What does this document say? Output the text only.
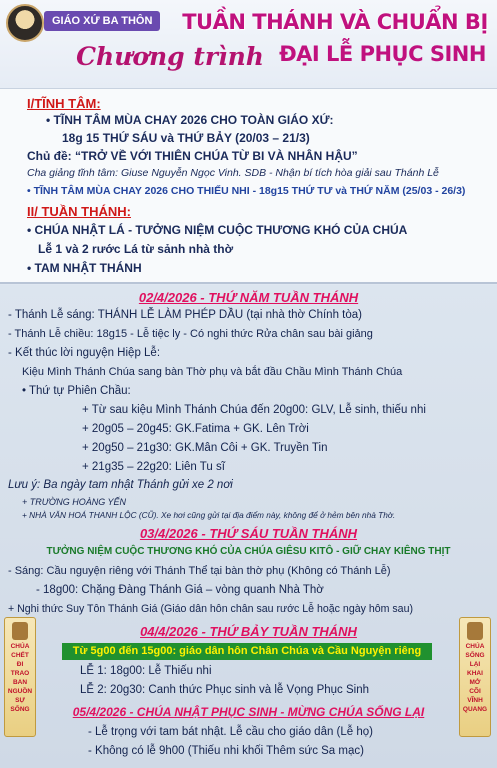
GIÁO XỨ BA THÔN	TUẦN THÁNH VÀ CHUẨN BỊ
Chương trình ĐẠI LỄ PHỤC SINH
I/TĨNH TÂM:
• TĨNH TÂM MÙA CHAY 2026 CHO TOÀN GIÁO XỨ:
18g 15 THỨ SÁU và THỨ BẢY (20/03 – 21/3)
Chủ đề: “TRỞ VỀ VỚI THIÊN CHÚA TỪ BI VÀ NHÂN HẬU”
Cha giảng tĩnh tâm: Giuse Nguyễn Ngọc Vinh. SDB - Nhận bí tích hòa giải sau Thánh Lễ
• TĨNH TÂM MÙA CHAY 2026 CHO THIẾU NHI - 18g15 THỨ TƯ và THỨ NĂM (25/03 - 26/3)
II/ TUẦN THÁNH:
• CHÚA NHẬT LÁ - TƯỞNG NIỆM CUỘC THƯƠNG KHÓ CỦA CHÚA
Lễ 1 và 2 rước Lá từ sảnh nhà thờ
• TAM NHẬT THÁNH
02/4/2026 - THỨ NĂM TUẦN THÁNH
- Thánh Lễ sáng: THÁNH LỄ LÀM PHÉP DẦU (tại nhà thờ Chính tòa)
- Thánh Lễ chiều: 18g15 - Lễ tiệc ly - Có nghi thức Rửa chân sau bài giảng
- Kết thúc lời nguyện Hiệp Lễ:
Kiệu Mình Thánh Chúa sang bàn Thờ phụ và bắt đầu Chầu Mình Thánh Chúa
• Thứ tự Phiên Chầu:
+ Từ sau kiệu Mình Thánh Chúa đến 20g00: GLV, Lễ sinh, thiếu nhi
+ 20g05 – 20g45: GK.Fatima + GK. Lên Trời
+ 20g50 – 21g30: GK.Mân Côi + GK. Truyền Tin
+ 21g35 – 22g20: Liên Tu sĩ
Lưu ý: Ba ngày tam nhật Thánh gửi xe 2 nơi
+ TRƯỜNG HOÀNG YẾN
+ NHÀ VĂN HOÁ THANH LỘC (CŨ). Xe hơi cũng gửi tại địa điểm này, không để ở hẻm bên nhà Thờ.
03/4/2026 - THỨ SÁU TUẦN THÁNH
TƯỞNG NIỆM CUỘC THƯƠNG KHÓ CỦA CHÚA GIÊSU KITÔ - GIỮ CHAY KIÊNG THỊT
- Sáng: Cầu nguyện riêng với Thánh Thể tại bàn thờ phụ (Không có Thánh Lễ)
- 18g00: Chặng Đàng Thánh Giá – vòng quanh Nhà Thờ
+ Nghi thức Suy Tôn Thánh Giá (Giáo dân hôn chân sau rước Lễ hoặc ngày hôm sau)
04/4/2026 - THỨ BẢY TUẦN THÁNH
Từ 5g00 đến 15g00: giáo dân hôn Chân Chúa và Cầu Nguyện riêng
LỄ 1: 18g00: Lễ Thiếu nhi
LỄ 2: 20g30: Canh thức Phục sinh và lễ Vọng Phục Sinh
05/4/2026 - CHÚA NHẬT PHỤC SINH - MỪNG CHÚA SỐNG LẠI
- Lễ trọng với tam bát nhật. Lễ cầu cho giáo dân (Lễ họ)
- Không có lễ 9h00 (Thiếu nhi khối Thêm sức Sa mạc)
CHÚA
CHẾT
ĐI
TRAO
BAN
NGUỒN
SỰ
SỐNG
CHÚA
SỐNG
LẠI
KHAI
MỞ
CÕI
VĨNH
QUANG
